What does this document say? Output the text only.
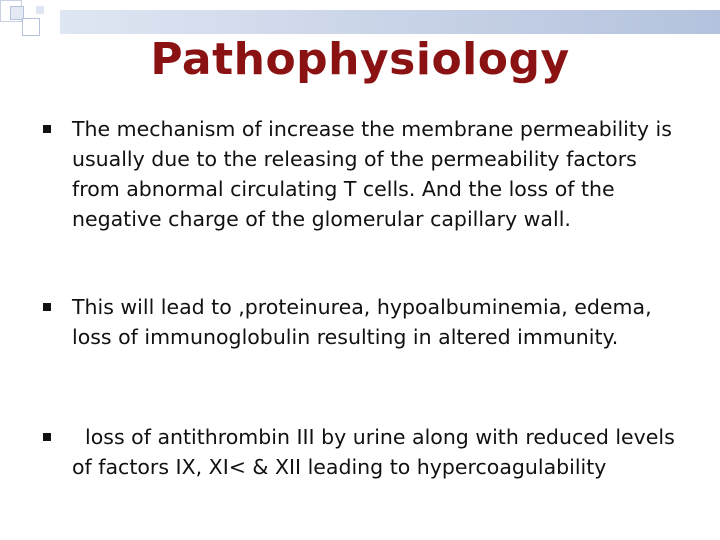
Pathophysiology
The mechanism of increase the membrane permeability is usually due to the releasing of the permeability factors from abnormal circulating T cells. And the loss of the negative charge of the glomerular capillary wall.
This will lead to ,proteinurea, hypoalbuminemia, edema, loss of immunoglobulin resulting in altered immunity.
loss of antithrombin III by urine along with reduced levels of factors IX, XI< & XII leading to hypercoagulability
